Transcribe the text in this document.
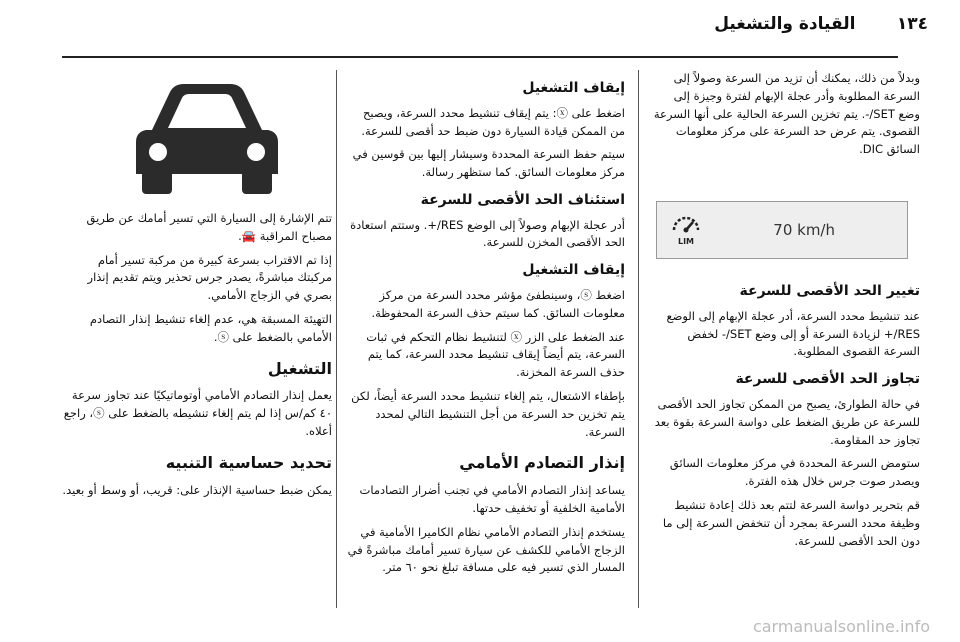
١٣٤       القيادة والتشغيل

وبدلاً من ذلك، يمكنك أن تزيد من السرعة وصولاً إلى السرعة المطلوبة وأدر عجلة الإبهام لفترة وجيزة إلى وضع SET/-. يتم تخزين السرعة الحالية على أنها السرعة القصوى. يتم عرض حد السرعة على مركز معلومات السائق DIC.

LIM
70 km/h
تغيير الحد الأقصى للسرعة

عند تنشيط محدد السرعة، أدر عجلة الإبهام إلى الوضع RES/+ لزيادة السرعة أو إلى وضع SET/- لخفض السرعة القصوى المطلوبة.

تجاوز الحد الأقصى للسرعة

في حالة الطوارئ، يصبح من الممكن تجاوز الحد الأقصى للسرعة عن طريق الضغط على دواسة السرعة بقوة بعد تجاوز حد المقاومة.

ستومض السرعة المحددة في مركز معلومات السائق ويصدر صوت جرس خلال هذه الفترة.

قم بتحرير دواسة السرعة لتتم بعد ذلك إعادة تنشيط وظيفة محدد السرعة بمجرد أن تنخفض السرعة إلى ما دون الحد الأقصى للسرعة.

إيقاف التشغيل

اضغط على ⓧ: يتم إيقاف تنشيط محدد السرعة، ويصبح من الممكن قيادة السيارة دون ضبط حد أقصى للسرعة.

سيتم حفظ السرعة المحددة وسيشار إليها بين قوسين في مركز معلومات السائق. كما ستظهر رسالة.

استئناف الحد الأقصى للسرعة

أدر عجلة الإبهام وصولاً إلى الوضع RES/+. وستتم استعادة الحد الأقصى المخزن للسرعة.

إيقاف التشغيل

اضغط ⓢ، وسينطفئ مؤشر محدد السرعة من مركز معلومات السائق. كما سيتم حذف السرعة المحفوظة.

عند الضغط على الزر ⓧ لتنشيط نظام التحكم في ثبات السرعة، يتم أيضاً إيقاف تنشيط محدد السرعة، كما يتم حذف السرعة المخزنة.

بإطفاء الاشتعال، يتم إلغاء تنشيط محدد السرعة أيضاً، لكن يتم تخزين حد السرعة من أجل التنشيط التالي لمحدد السرعة.

إنذار التصادم الأمامي

يساعد إنذار التصادم الأمامي في تجنب أضرار التصادمات الأمامية الخلفية أو تخفيف حدتها.

يستخدم إنذار التصادم الأمامي نظام الكاميرا الأمامية في الزجاج الأمامي للكشف عن سيارة تسير أمامك مباشرةً في المسار الذي تسير فيه على مسافة تبلغ نحو ٦٠ متر.

تتم الإشارة إلى السيارة التي تسير أمامك عن طريق مصباح المراقبة 🚘.

إذا تم الاقتراب بسرعة كبيرة من مركبة تسير أمام مركبتك مباشرةً، يصدر جرس تحذير ويتم تقديم إنذار بصري في الزجاج الأمامي.

التهيئة المسبقة هي، عدم إلغاء تنشيط إنذار التصادم الأمامي بالضغط على ⓢ.

التشغيل

يعمل إنذار التصادم الأمامي أوتوماتيكيًا عند تجاوز سرعة ٤٠ كم/س إذا لم يتم إلغاء تنشيطه بالضغط على ⓢ، راجع أعلاه.

تحديد حساسية التنبيه

يمكن ضبط حساسية الإنذار على: قريب، أو وسط أو بعيد.

carmanualsonline.info
